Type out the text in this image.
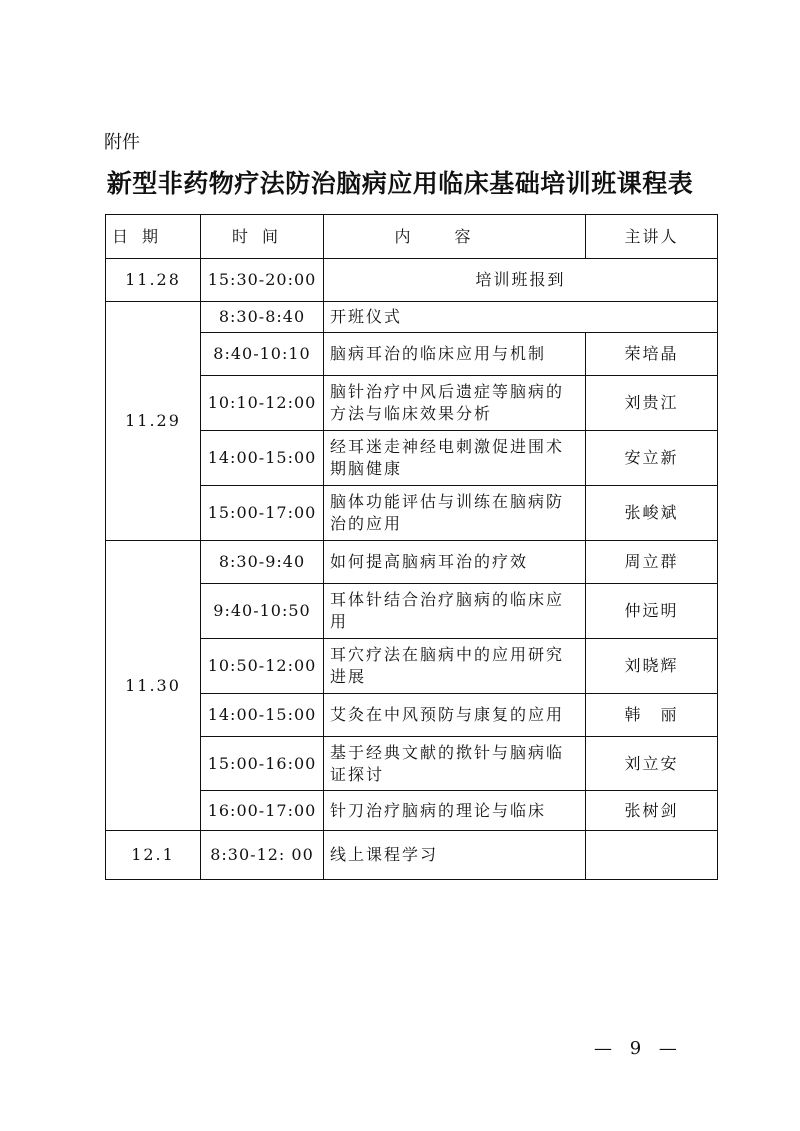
附件
新型非药物疗法防治脑病应用临床基础培训班课程表
日期	时间	内容	主讲人
11.28	15:30-20:00	培训班报到	
11.29	8:30-8:40	开班仪式	
	8:40-10:10	脑病耳治的临床应用与机制	荣培晶
	10:10-12:00	脑针治疗中风后遗症等脑病的方法与临床效果分析	刘贵江
	14:00-15:00	经耳迷走神经电刺激促进围术期脑健康	安立新
	15:00-17:00	脑体功能评估与训练在脑病防治的应用	张峻斌
11.30	8:30-9:40	如何提高脑病耳治的疗效	周立群
	9:40-10:50	耳体针结合治疗脑病的临床应用	仲远明
	10:50-12:00	耳穴疗法在脑病中的应用研究进展	刘晓辉
	14:00-15:00	艾灸在中风预防与康复的应用	韩　丽
	15:00-16:00	基于经典文献的揿针与脑病临证探讨	刘立安
	16:00-17:00	针刀治疗脑病的理论与临床	张树剑
12.1	8:30-12: 00	线上课程学习	
— 9 —
